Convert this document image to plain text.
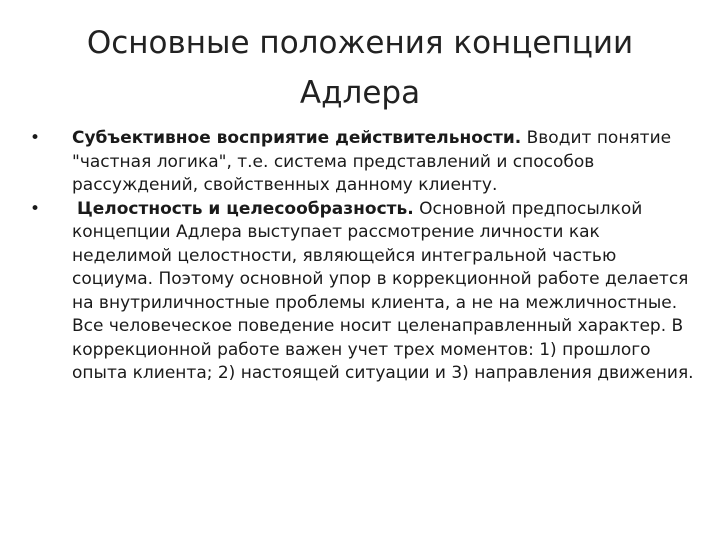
Основные положения концепции
Адлера
•	Субъективное восприятие действительности. Вводит понятие "частная логика", т.е. система представлений и способов рассуждений, свойственных данному клиенту.
•	Целостность и целесообразность. Основной предпосылкой концепции Адлера выступает рассмотрение личности как неделимой целостности, являющейся интегральной частью социума. Поэтому основной упор в коррекционной работе делается на внутриличностные проблемы клиента, а не на межличностные. Все человеческое поведение носит целенаправленный характер. В коррекционной работе важен учет трех моментов: 1) прошлого опыта клиента; 2) настоящей ситуации и 3) направления движения.
